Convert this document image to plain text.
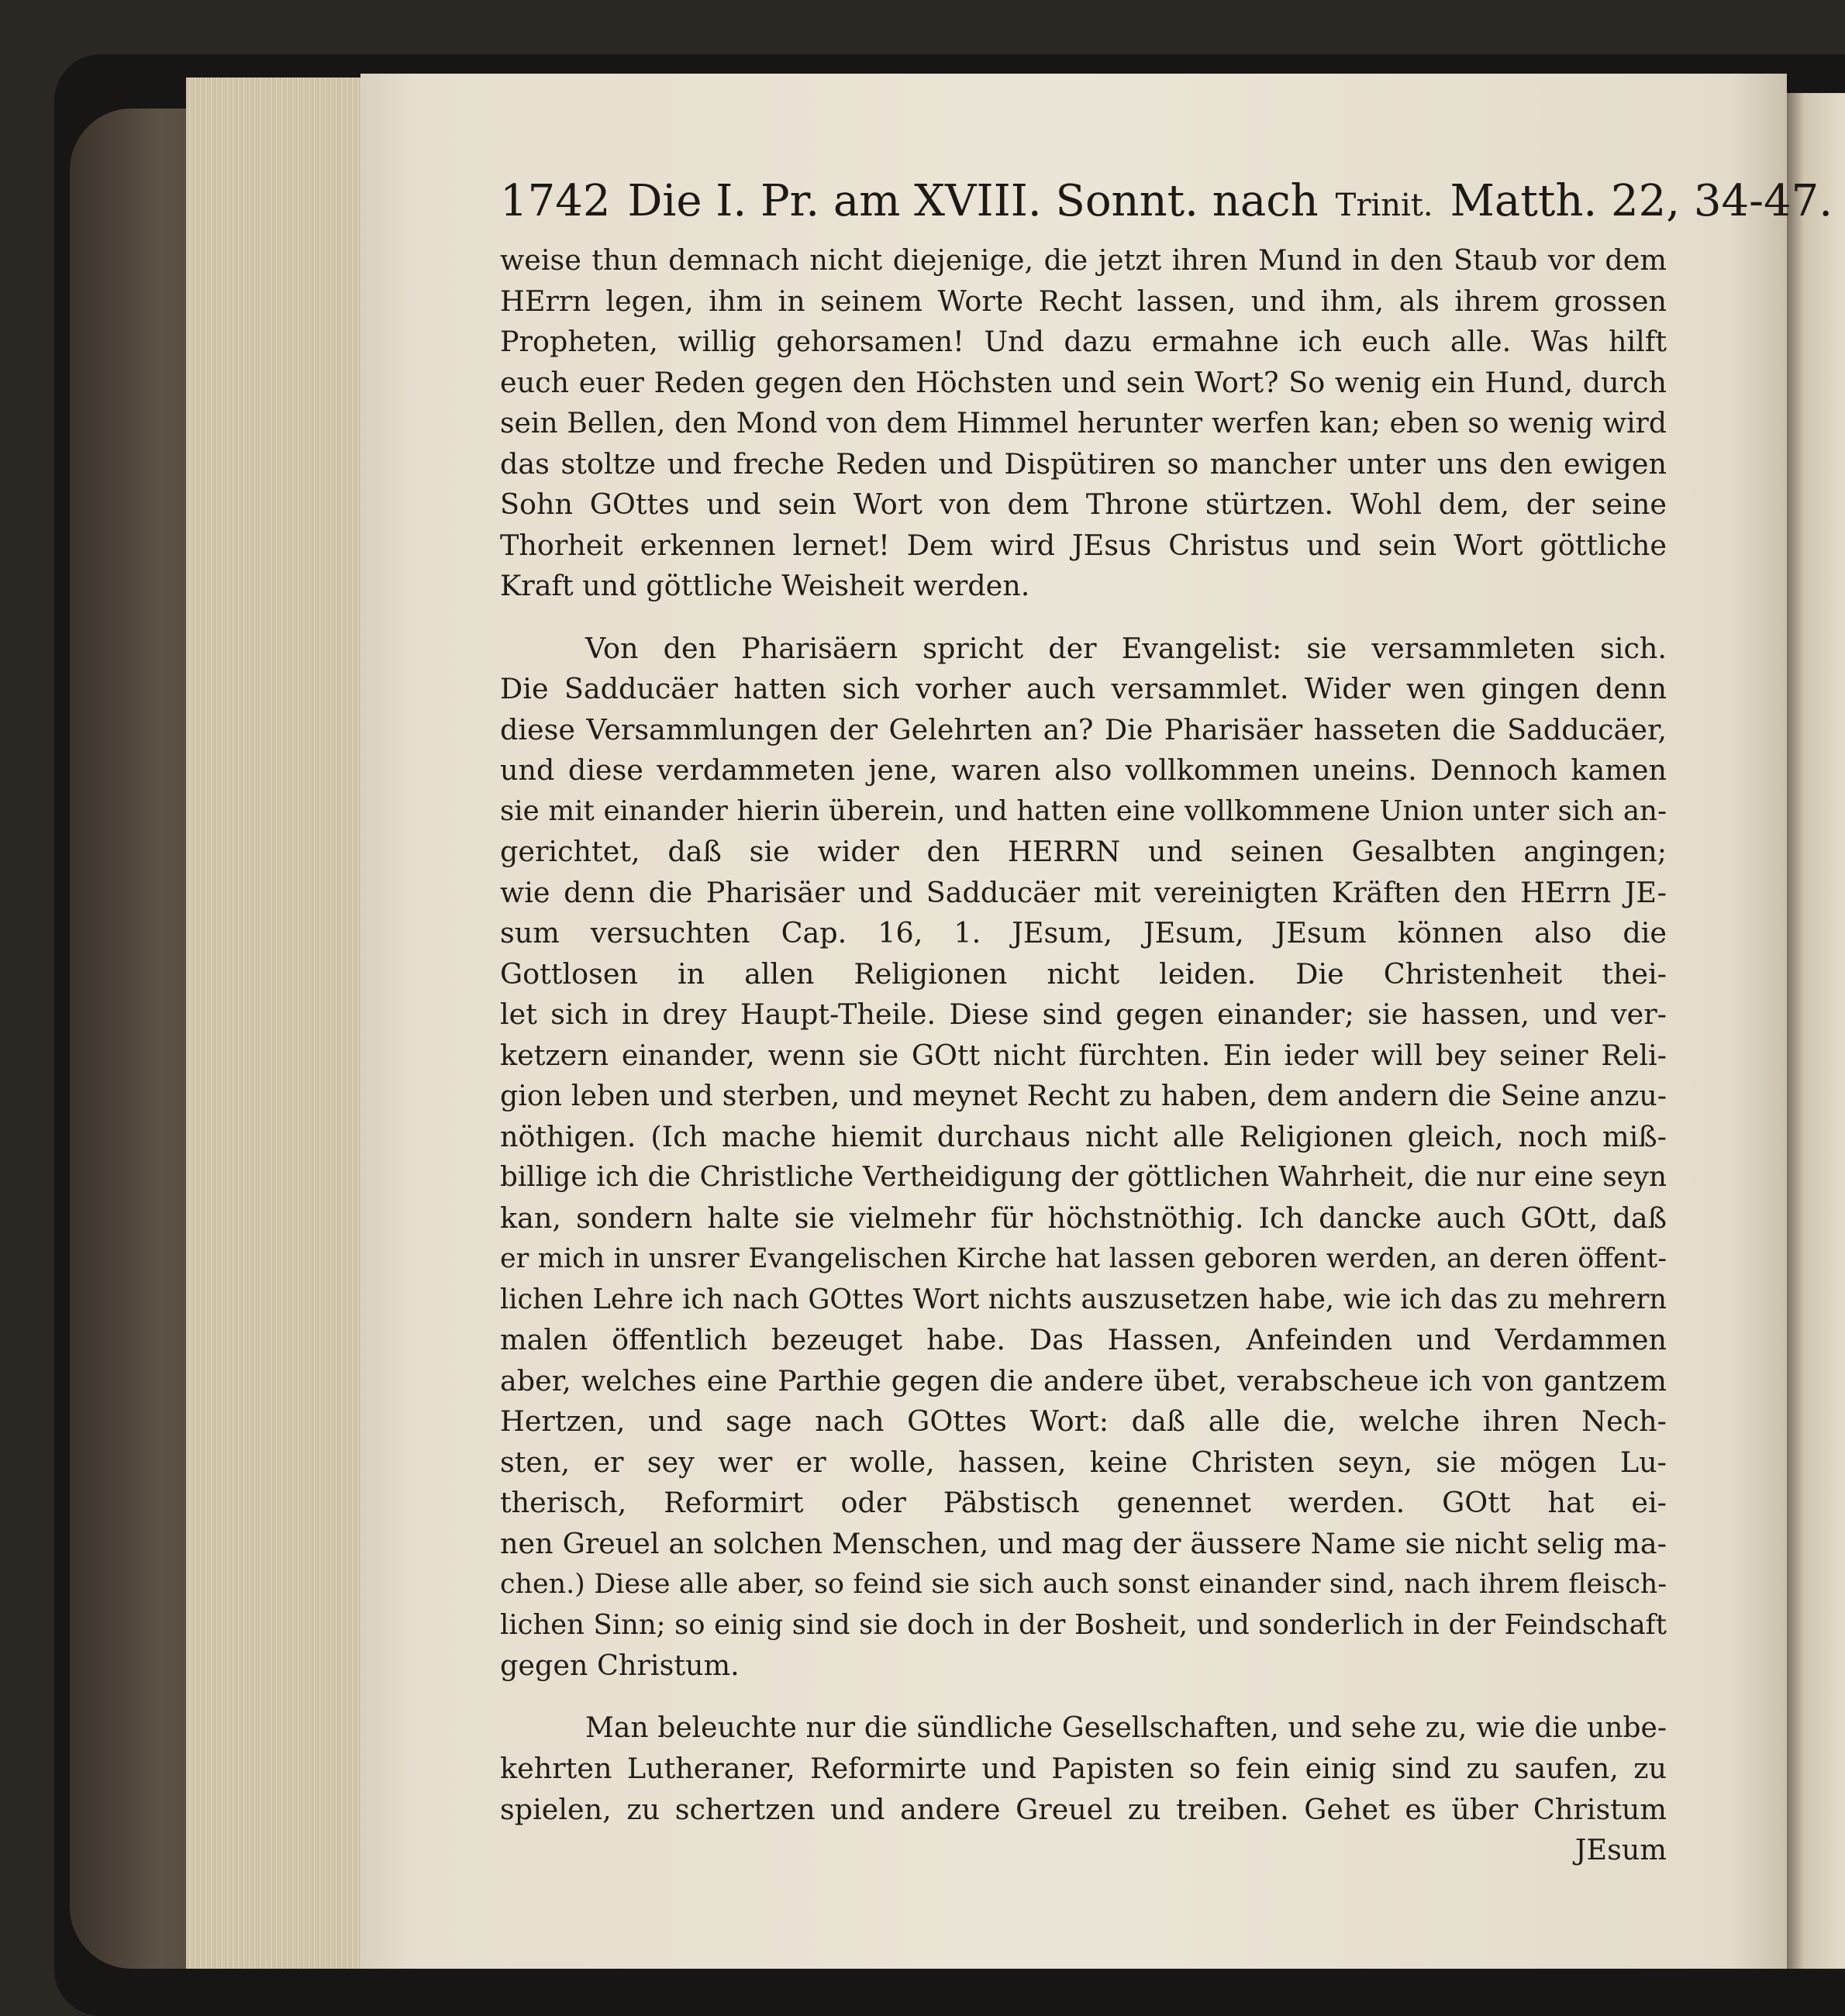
1742 Die I. Pr. am XVIII. Sonnt. nach Trinit. Matth. 22, 34-47.
weise thun demnach nicht diejenige, die jetzt ihren Mund in den Staub vor dem
HErrn legen, ihm in seinem Worte Recht lassen, und ihm, als ihrem grossen
Propheten, willig gehorsamen! Und dazu ermahne ich euch alle. Was hilft
euch euer Reden gegen den Höchsten und sein Wort? So wenig ein Hund, durch
sein Bellen, den Mond von dem Himmel herunter werfen kan; eben so wenig wird
das stoltze und freche Reden und Dispütiren so mancher unter uns den ewigen
Sohn GOttes und sein Wort von dem Throne stürtzen. Wohl dem, der seine
Thorheit erkennen lernet! Dem wird JEsus Christus und sein Wort göttliche
Kraft und göttliche Weisheit werden.
Von den Pharisäern spricht der Evangelist: sie versammleten sich.
Die Sadducäer hatten sich vorher auch versammlet. Wider wen gingen denn
diese Versammlungen der Gelehrten an? Die Pharisäer hasseten die Sadducäer,
und diese verdammeten jene, waren also vollkommen uneins. Dennoch kamen
sie mit einander hierin überein, und hatten eine vollkommene Union unter sich an-
gerichtet, daß sie wider den HERRN und seinen Gesalbten angingen;
wie denn die Pharisäer und Sadducäer mit vereinigten Kräften den HErrn JE-
sum versuchten Cap. 16, 1. JEsum, JEsum, JEsum können also die
Gottlosen in allen Religionen nicht leiden. Die Christenheit thei-
let sich in drey Haupt-Theile. Diese sind gegen einander; sie hassen, und ver-
ketzern einander, wenn sie GOtt nicht fürchten. Ein ieder will bey seiner Reli-
gion leben und sterben, und meynet Recht zu haben, dem andern die Seine anzu-
nöthigen. (Ich mache hiemit durchaus nicht alle Religionen gleich, noch miß-
billige ich die Christliche Vertheidigung der göttlichen Wahrheit, die nur eine seyn
kan, sondern halte sie vielmehr für höchstnöthig. Ich dancke auch GOtt, daß
er mich in unsrer Evangelischen Kirche hat lassen geboren werden, an deren öffent-
lichen Lehre ich nach GOttes Wort nichts auszusetzen habe, wie ich das zu mehrern
malen öffentlich bezeuget habe. Das Hassen, Anfeinden und Verdammen
aber, welches eine Parthie gegen die andere übet, verabscheue ich von gantzem
Hertzen, und sage nach GOttes Wort: daß alle die, welche ihren Nech-
sten, er sey wer er wolle, hassen, keine Christen seyn, sie mögen Lu-
therisch, Reformirt oder Päbstisch genennet werden. GOtt hat ei-
nen Greuel an solchen Menschen, und mag der äussere Name sie nicht selig ma-
chen.) Diese alle aber, so feind sie sich auch sonst einander sind, nach ihrem fleisch-
lichen Sinn; so einig sind sie doch in der Bosheit, und sonderlich in der Feindschaft
gegen Christum.
Man beleuchte nur die sündliche Gesellschaften, und sehe zu, wie die unbe-
kehrten Lutheraner, Reformirte und Papisten so fein einig sind zu saufen, zu
spielen, zu schertzen und andere Greuel zu treiben. Gehet es über Christum
JEsum
